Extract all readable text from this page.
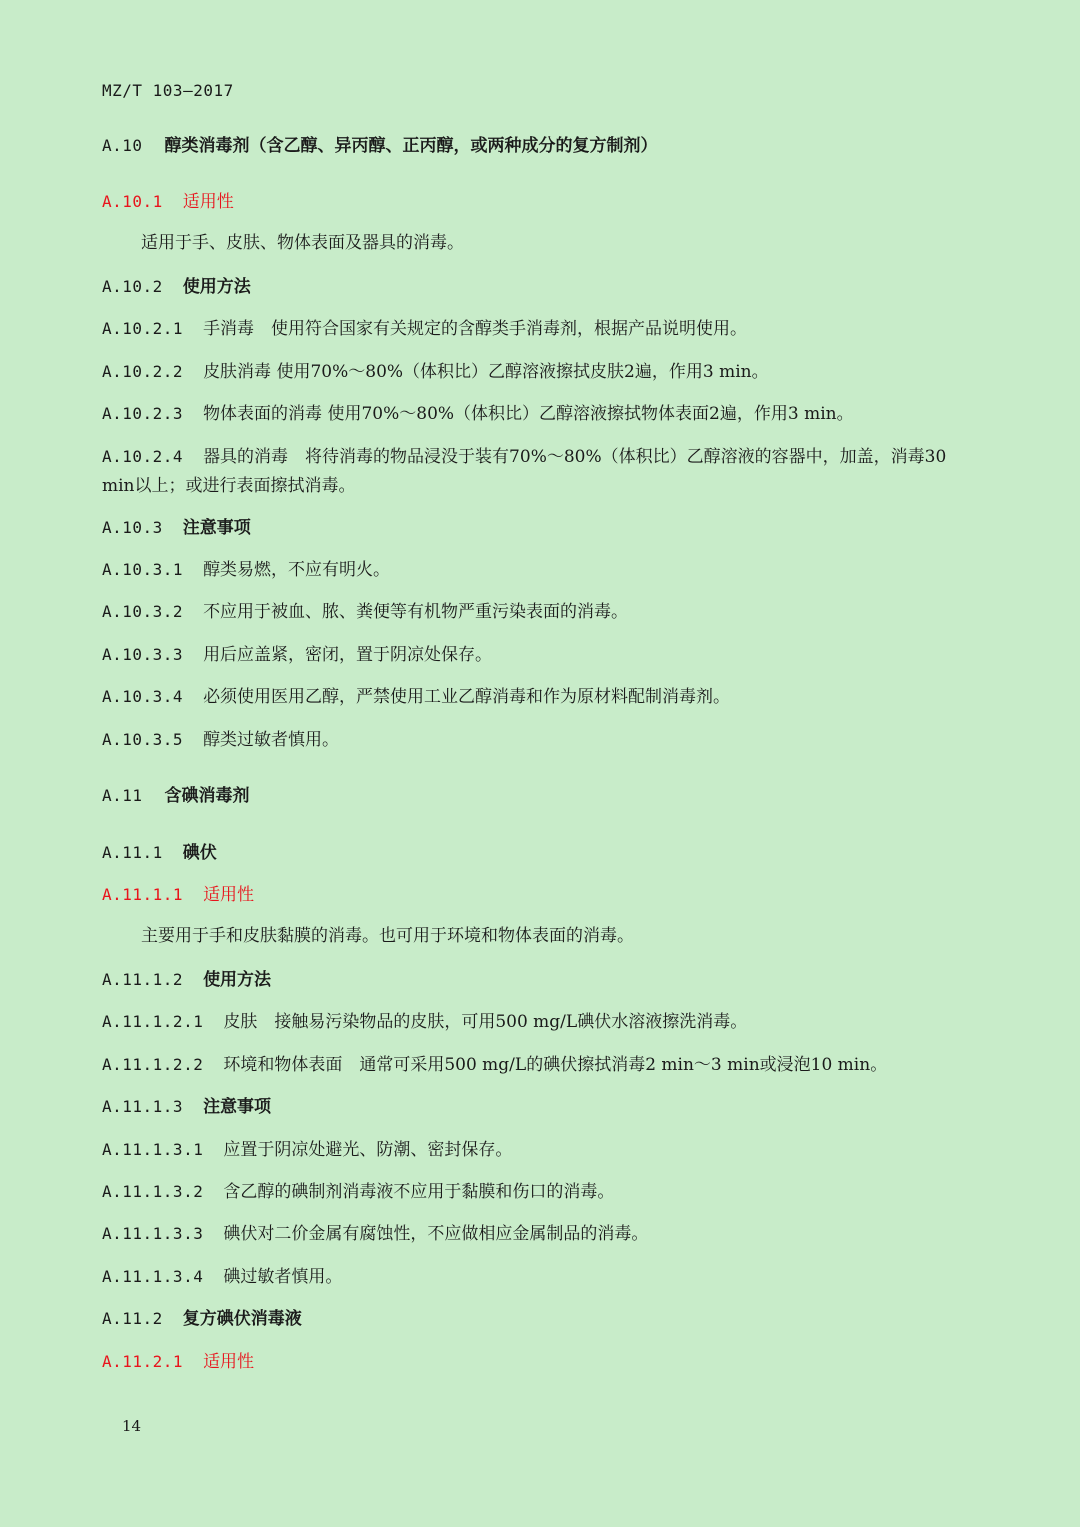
MZ/T 103—2017
A.10 醇类消毒剂（含乙醇、异丙醇、正丙醇，或两种成分的复方制剂）
A.10.1 适用性
适用于手、皮肤、物体表面及器具的消毒。
A.10.2 使用方法
A.10.2.1 手消毒　使用符合国家有关规定的含醇类手消毒剂，根据产品说明使用。
A.10.2.2 皮肤消毒 使用70%～80%（体积比）乙醇溶液擦拭皮肤2遍，作用3 min。
A.10.2.3 物体表面的消毒 使用70%～80%（体积比）乙醇溶液擦拭物体表面2遍，作用3 min。
A.10.2.4 器具的消毒　将待消毒的物品浸没于装有70%～80%（体积比）乙醇溶液的容器中，加盖，消毒30 min以上；或进行表面擦拭消毒。
A.10.3 注意事项
A.10.3.1 醇类易燃，不应有明火。
A.10.3.2 不应用于被血、脓、粪便等有机物严重污染表面的消毒。
A.10.3.3 用后应盖紧，密闭，置于阴凉处保存。
A.10.3.4 必须使用医用乙醇，严禁使用工业乙醇消毒和作为原材料配制消毒剂。
A.10.3.5 醇类过敏者慎用。
A.11 含碘消毒剂
A.11.1 碘伏
A.11.1.1 适用性
主要用于手和皮肤黏膜的消毒。也可用于环境和物体表面的消毒。
A.11.1.2 使用方法
A.11.1.2.1 皮肤　接触易污染物品的皮肤，可用500 mg/L碘伏水溶液擦洗消毒。
A.11.1.2.2 环境和物体表面　通常可采用500 mg/L的碘伏擦拭消毒2 min～3 min或浸泡10 min。
A.11.1.3 注意事项
A.11.1.3.1 应置于阴凉处避光、防潮、密封保存。
A.11.1.3.2 含乙醇的碘制剂消毒液不应用于黏膜和伤口的消毒。
A.11.1.3.3 碘伏对二价金属有腐蚀性，不应做相应金属制品的消毒。
A.11.1.3.4 碘过敏者慎用。
A.11.2 复方碘伏消毒液
A.11.2.1 适用性
14
